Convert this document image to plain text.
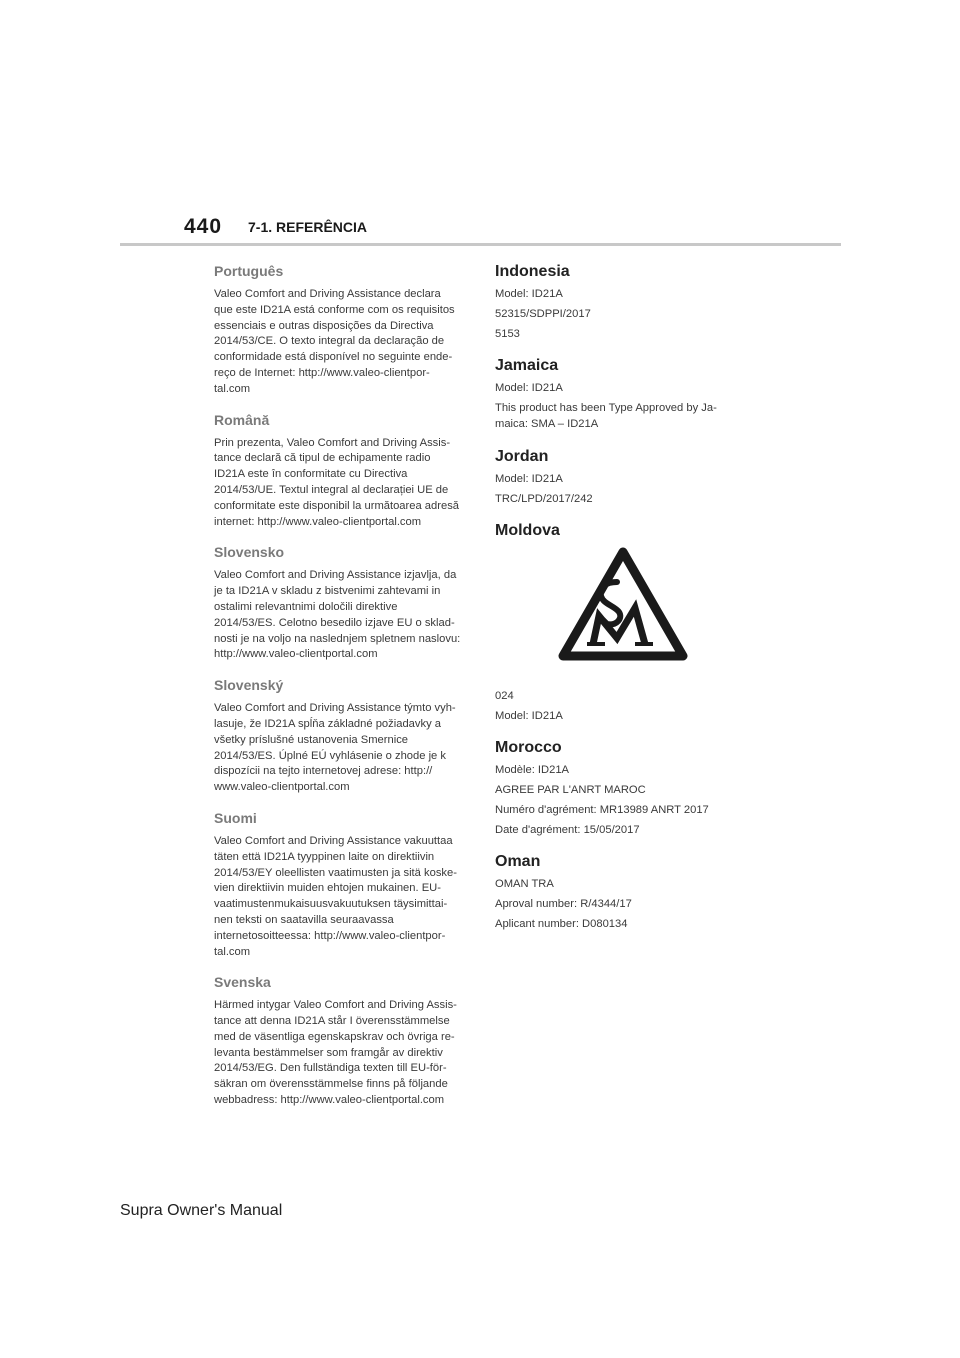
440 7-1. REFERÊNCIA
Português

Valeo Comfort and Driving Assistance declara
que este ID21A está conforme com os requisitos
essenciais e outras disposições da Directiva
2014/53/CE. O texto integral da declaração de
conformidade está disponível no seguinte ende-
reço de Internet: http://www.valeo-clientpor-
tal.com

Română

Prin prezenta, Valeo Comfort and Driving Assis-
tance declară că tipul de echipamente radio
ID21A este în conformitate cu Directiva
2014/53/UE. Textul integral al declarației UE de
conformitate este disponibil la următoarea adresă
internet: http://www.valeo-clientportal.com

Slovensko

Valeo Comfort and Driving Assistance izjavlja, da
je ta ID21A v skladu z bistvenimi zahtevami in
ostalimi relevantnimi določili direktive
2014/53/ES. Celotno besedilo izjave EU o sklad-
nosti je na voljo na naslednjem spletnem naslovu:
http://www.valeo-clientportal.com

Slovenský

Valeo Comfort and Driving Assistance týmto vyh-
lasuje, že ID21A spĺňa základné požiadavky a
všetky príslušné ustanovenia Smernice
2014/53/ES. Úplné EÚ vyhlásenie o zhode je k
dispozícii na tejto internetovej adrese: http://
www.valeo-clientportal.com

Suomi

Valeo Comfort and Driving Assistance vakuuttaa
täten että ID21A tyyppinen laite on direktiivin
2014/53/EY oleellisten vaatimusten ja sitä koske-
vien direktiivin muiden ehtojen mukainen. EU-
vaatimustenmukaisuusvakuutuksen täysimittai-
nen teksti on saatavilla seuraavassa
internetosoitteessa: http://www.valeo-clientpor-
tal.com

Svenska

Härmed intygar Valeo Comfort and Driving Assis-
tance att denna ID21A står I överensstämmelse
med de väsentliga egenskapskrav och övriga re-
levanta bestämmelser som framgår av direktiv
2014/53/EG. Den fullständiga texten till EU-för-
säkran om överensstämmelse finns på följande
webbadress: http://www.valeo-clientportal.com

Indonesia

Model: ID21A

52315/SDPPI/2017

5153

Jamaica

Model: ID21A

This product has been Type Approved by Ja-
maica: SMA – ID21A

Jordan

Model: ID21A

TRC/LPD/2017/242

Moldova

024

Model: ID21A

Morocco

Modèle: ID21A

AGREE PAR L'ANRT MAROC

Numéro d'agrément: MR13989 ANRT 2017

Date d'agrément: 15/05/2017

Oman

OMAN TRA

Aproval number: R/4344/17

Aplicant number: D080134

Supra Owner's Manual
